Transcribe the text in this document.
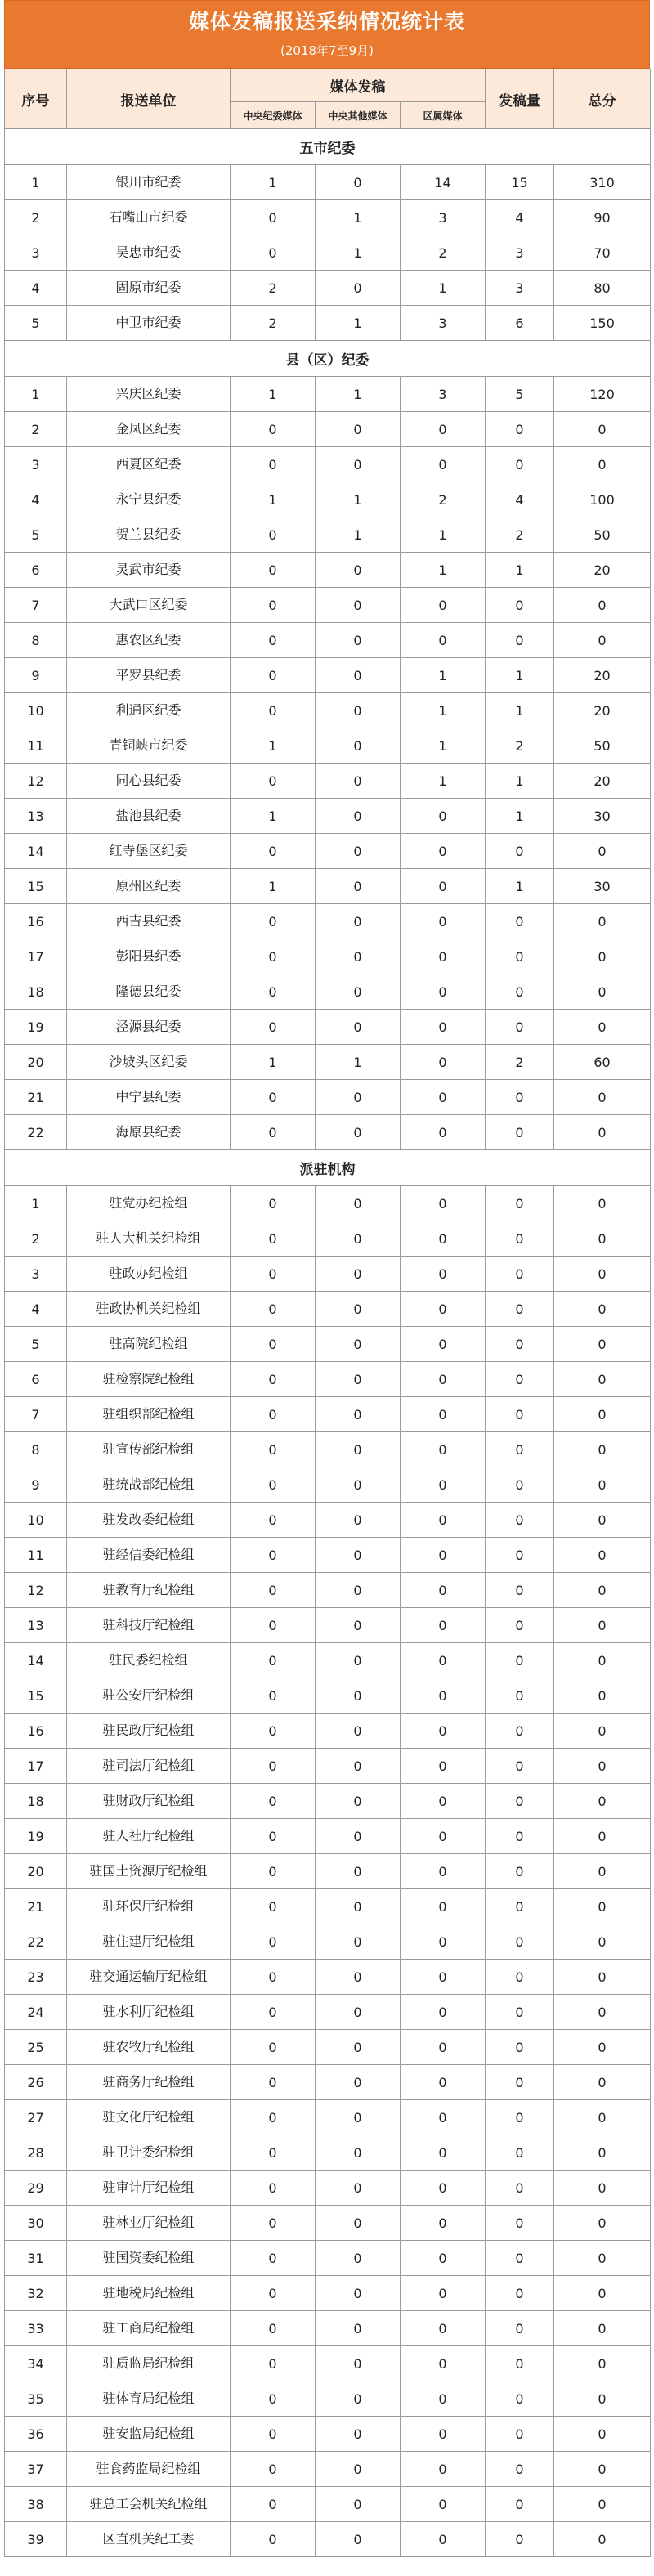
媒体发稿报送采纳情况统计表
(2018年7至9月)
序号	报送单位	媒体发稿			发稿量	总分
		中央纪委媒体	中央其他媒体	区属媒体		
五市纪委						
1	银川市纪委	1	0	14	15	310
2	石嘴山市纪委	0	1	3	4	90
3	吴忠市纪委	0	1	2	3	70
4	固原市纪委	2	0	1	3	80
5	中卫市纪委	2	1	3	6	150
县（区）纪委						
1	兴庆区纪委	1	1	3	5	120
2	金凤区纪委	0	0	0	0	0
3	西夏区纪委	0	0	0	0	0
4	永宁县纪委	1	1	2	4	100
5	贺兰县纪委	0	1	1	2	50
6	灵武市纪委	0	0	1	1	20
7	大武口区纪委	0	0	0	0	0
8	惠农区纪委	0	0	0	0	0
9	平罗县纪委	0	0	1	1	20
10	利通区纪委	0	0	1	1	20
11	青铜峡市纪委	1	0	1	2	50
12	同心县纪委	0	0	1	1	20
13	盐池县纪委	1	0	0	1	30
14	红寺堡区纪委	0	0	0	0	0
15	原州区纪委	1	0	0	1	30
16	西吉县纪委	0	0	0	0	0
17	彭阳县纪委	0	0	0	0	0
18	隆德县纪委	0	0	0	0	0
19	泾源县纪委	0	0	0	0	0
20	沙坡头区纪委	1	1	0	2	60
21	中宁县纪委	0	0	0	0	0
22	海原县纪委	0	0	0	0	0
派驻机构						
1	驻党办纪检组	0	0	0	0	0
2	驻人大机关纪检组	0	0	0	0	0
3	驻政办纪检组	0	0	0	0	0
4	驻政协机关纪检组	0	0	0	0	0
5	驻高院纪检组	0	0	0	0	0
6	驻检察院纪检组	0	0	0	0	0
7	驻组织部纪检组	0	0	0	0	0
8	驻宣传部纪检组	0	0	0	0	0
9	驻统战部纪检组	0	0	0	0	0
10	驻发改委纪检组	0	0	0	0	0
11	驻经信委纪检组	0	0	0	0	0
12	驻教育厅纪检组	0	0	0	0	0
13	驻科技厅纪检组	0	0	0	0	0
14	驻民委纪检组	0	0	0	0	0
15	驻公安厅纪检组	0	0	0	0	0
16	驻民政厅纪检组	0	0	0	0	0
17	驻司法厅纪检组	0	0	0	0	0
18	驻财政厅纪检组	0	0	0	0	0
19	驻人社厅纪检组	0	0	0	0	0
20	驻国土资源厅纪检组	0	0	0	0	0
21	驻环保厅纪检组	0	0	0	0	0
22	驻住建厅纪检组	0	0	0	0	0
23	驻交通运输厅纪检组	0	0	0	0	0
24	驻水利厅纪检组	0	0	0	0	0
25	驻农牧厅纪检组	0	0	0	0	0
26	驻商务厅纪检组	0	0	0	0	0
27	驻文化厅纪检组	0	0	0	0	0
28	驻卫计委纪检组	0	0	0	0	0
29	驻审计厅纪检组	0	0	0	0	0
30	驻林业厅纪检组	0	0	0	0	0
31	驻国资委纪检组	0	0	0	0	0
32	驻地税局纪检组	0	0	0	0	0
33	驻工商局纪检组	0	0	0	0	0
34	驻质监局纪检组	0	0	0	0	0
35	驻体育局纪检组	0	0	0	0	0
36	驻安监局纪检组	0	0	0	0	0
37	驻食药监局纪检组	0	0	0	0	0
38	驻总工会机关纪检组	0	0	0	0	0
39	区直机关纪工委	0	0	0	0	0
